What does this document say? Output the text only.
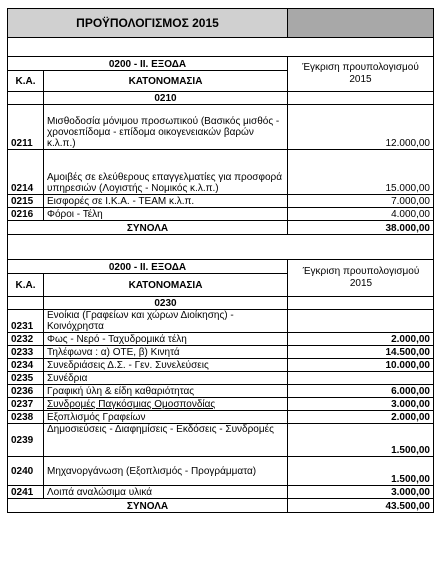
ΠΡΟΫΠΟΛΟΓΙΣΜΟΣ 2015		

0200 - ΙΙ. ΕΞΟΔΑ		Έγκριση προυπολογισμού 2015
Κ.Α.	ΚΑΤΟΝΟΜΑΣΙΑ	
	0210	
0211	Μισθοδοσία μόνιμου προσωπικού (Βασικός μισθός - χρονοεπίδομα - επίδομα οικογενειακών βαρών κ.λ.π.)	12.000,00
0214	Αμοιβές σε ελεύθερους επαγγελματίες για προσφορά υπηρεσιών (Λογιστής - Νομικός κ.λ.π.)	15.000,00
0215	Εισφορές σε Ι.Κ.Α. - ΤΕΑΜ κ.λ.π.	7.000,00
0216	Φόροι - Τέλη	4.000,00
ΣΥΝΟΛΑ		38.000,00

0200 - ΙΙ. ΕΞΟΔΑ		Έγκριση προυπολογισμού 2015
Κ.Α.	ΚΑΤΟΝΟΜΑΣΙΑ	
	0230	
0231	Ενοίκια (Γραφείων και χώρων Διοίκησης) - Κοινόχρηστα	
0232	Φως - Νερό - Ταχυδρομικά τέλη	2.000,00
0233	Τηλέφωνα : α) ΟΤΕ, β) Κινητά	14.500,00
0234	Συνεδριάσεις Δ.Σ. - Γεν. Συνελεύσεις	10.000,00
0235	Συνέδρια	
0236	Γραφική ύλη & είδη καθαριότητας	6.000,00
0237	Συνδρομές Παγκόσμιας Ομοσπονδίας	3.000,00
0238	Εξοπλισμός Γραφείων	2.000,00
0239	Δημοσιεύσεις - Διαφημίσεις - Εκδόσεις - Συνδρομές	1.500,00
0240	Μηχανοργάνωση (Εξοπλισμός - Προγράμματα)	1.500,00
0241	Λοιπά αναλώσιμα υλικά	3.000,00
ΣΥΝΟΛΑ		43.500,00
